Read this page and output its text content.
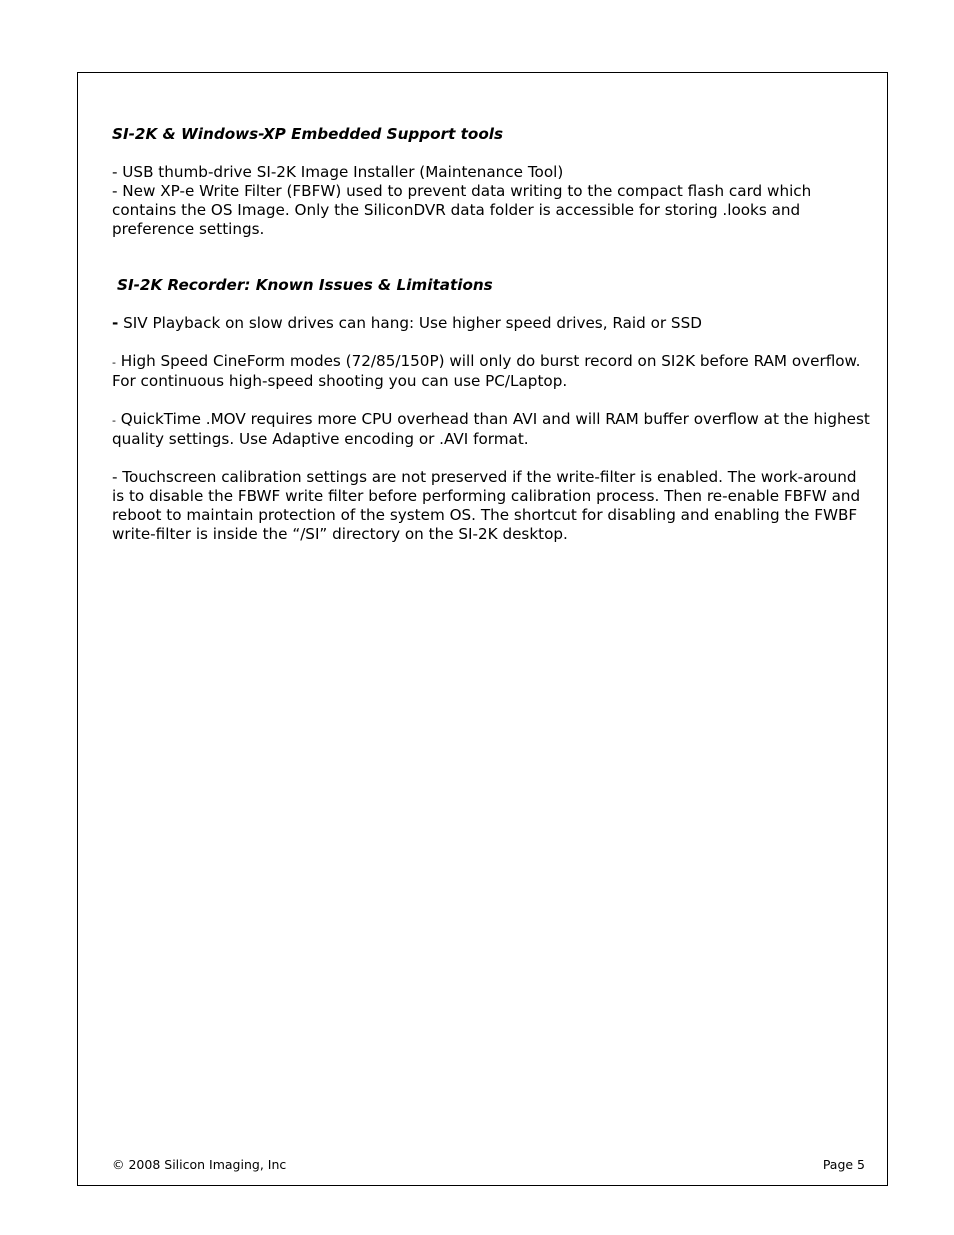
SI-2K & Windows-XP Embedded Support tools

- USB thumb-drive SI-2K Image Installer (Maintenance Tool)

- New XP-e Write Filter (FBFW) used to prevent data writing to the compact flash card which contains the OS Image. Only the SiliconDVR data folder is accessible for storing .looks and preference settings.

SI-2K Recorder: Known Issues & Limitations

- SIV Playback on slow drives can hang: Use higher speed drives, Raid or SSD

- High Speed CineForm modes (72/85/150P) will only do burst record on SI2K before RAM overflow. For continuous high-speed shooting you can use PC/Laptop.

- QuickTime .MOV requires more CPU overhead than AVI and will RAM buffer overflow at the highest quality settings. Use Adaptive encoding or .AVI format.

- Touchscreen calibration settings are not preserved if the write-filter is enabled. The work-around is to disable the FBWF write filter before performing calibration process. Then re-enable FBFW and reboot to maintain protection of the system OS. The shortcut for disabling and enabling the FWBF write-filter is inside the “/SI” directory on the SI-2K desktop.

© 2008 Silicon Imaging, Inc	Page 5
